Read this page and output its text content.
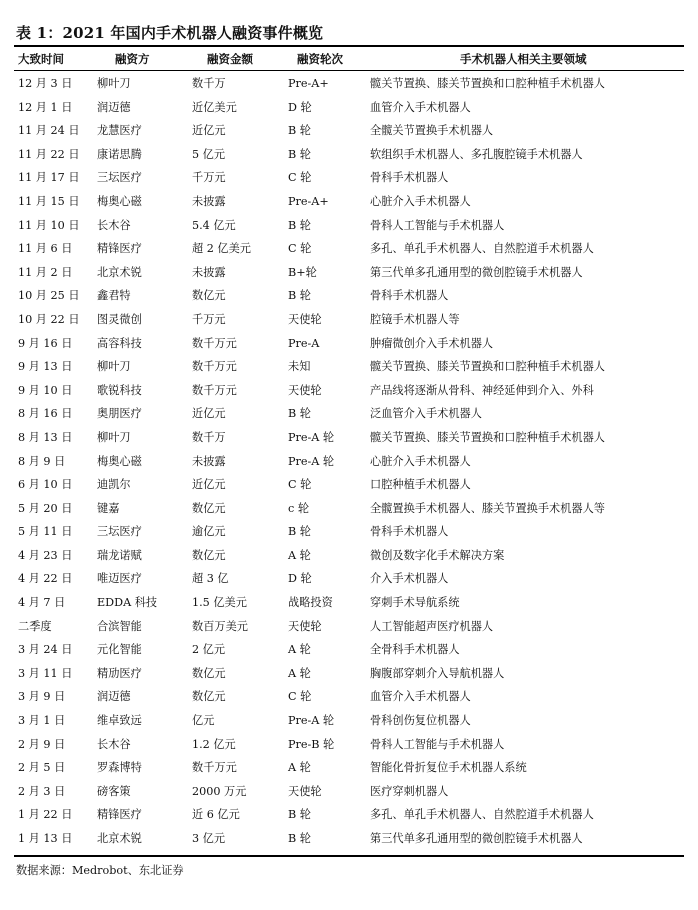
表 1：2021 年国内手术机器人融资事件概览
大致时间	融资方	融资金额	融资轮次	手术机器人相关主要领域
12 月 3 日 柳叶刀	数千万	Pre-A+	髋关节置换、膝关节置换和口腔种植手术机器人
12 月 1 日 润迈德	近亿美元	D 轮	血管介入手术机器人
11 月 24 日 龙慧医疗	近亿元	B 轮	全髋关节置换手术机器人
11 月 22 日 康诺思腾	5 亿元	B 轮	软组织手术机器人、多孔腹腔镜手术机器人
11 月 17 日 三坛医疗	千万元	C 轮	骨科手术机器人
11 月 15 日 梅奥心磁	未披露	Pre-A+	心脏介入手术机器人
11 月 10 日 长木谷	5.4 亿元	B 轮	骨科人工智能与手术机器人
11 月 6 日 精锋医疗	超 2 亿美元	C 轮	多孔、单孔手术机器人、自然腔道手术机器人
11 月 2 日 北京术锐	未披露	B+轮	第三代单多孔通用型的微创腔镜手术机器人
10 月 25 日 鑫君特	数亿元	B 轮	骨科手术机器人
10 月 22 日 图灵微创	千万元	天使轮	腔镜手术机器人等
9 月 16 日 高容科技	数千万元	Pre-A	肿瘤微创介入手术机器人
9 月 13 日 柳叶刀	数千万元	未知	髋关节置换、膝关节置换和口腔种植手术机器人
9 月 10 日 歌锐科技	数千万元	天使轮	产品线将逐渐从骨科、神经延伸到介入、外科
8 月 16 日 奥朋医疗	近亿元	B 轮	泛血管介入手术机器人
8 月 13 日 柳叶刀	数千万	Pre-A 轮	髋关节置换、膝关节置换和口腔种植手术机器人
8 月 9 日	梅奥心磁	未披露	Pre-A 轮	心脏介入手术机器人
6 月 10 日 迪凯尔	近亿元	C 轮	口腔种植手术机器人
5 月 20 日 键嘉	数亿元	c 轮	全髋置换手术机器人、膝关节置换手术机器人等
5 月 11 日 三坛医疗	逾亿元	B 轮	骨科手术机器人
4 月 23 日 瑞龙诺赋	数亿元	A 轮	微创及数字化手术解决方案
4 月 22 日 唯迈医疗	超 3 亿	D 轮	介入手术机器人
4 月 7 日	EDDA 科技	1.5 亿美元	战略投资	穿刺手术导航系统
二季度	合滨智能	数百万美元	天使轮	人工智能超声医疗机器人
3 月 24 日 元化智能	2 亿元	A 轮	全骨科手术机器人
3 月 11 日 精劢医疗	数亿元	A 轮	胸腹部穿刺介入导航机器人
3 月 9 日	润迈德	数亿元	C 轮	血管介入手术机器人
3 月 1 日	维卓致远	亿元	Pre-A 轮	骨科创伤复位机器人
2 月 9 日	长木谷	1.2 亿元	Pre-B 轮	骨科人工智能与手术机器人
2 月 5 日	罗森博特	数千万元	A 轮	智能化骨折复位手术机器人系统
2 月 3 日	磅客策	2000 万元	天使轮	医疗穿刺机器人
1 月 22 日 精锋医疗	近 6 亿元	B 轮	多孔、单孔手术机器人、自然腔道手术机器人
1 月 13 日 北京术锐	3 亿元	B 轮	第三代单多孔通用型的微创腔镜手术机器人
数据来源：Medrobot、东北证券
